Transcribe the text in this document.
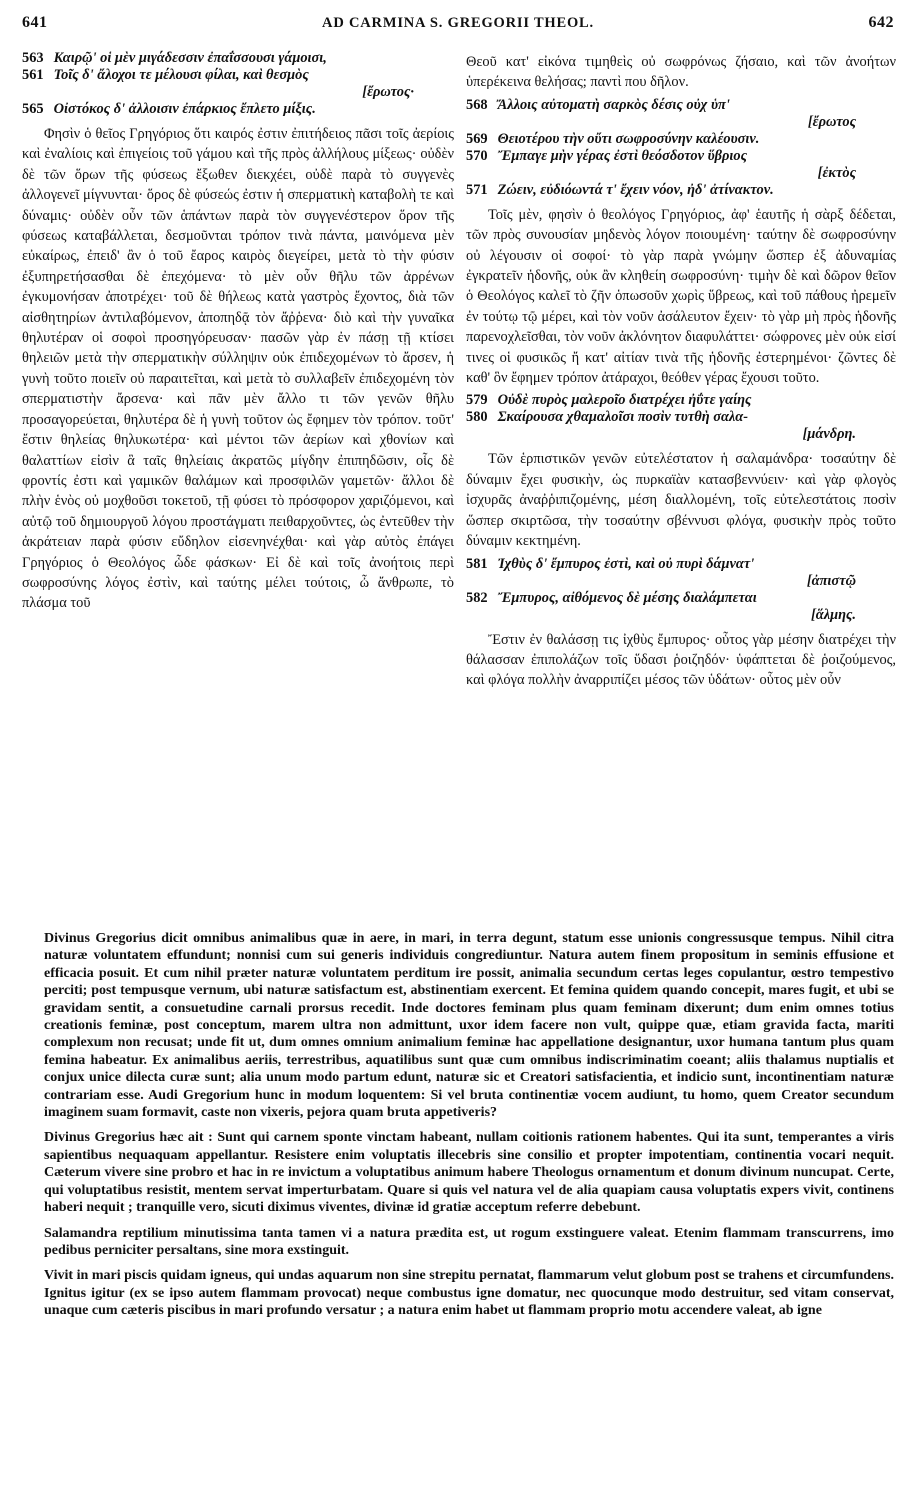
641	AD CARMINA S. GREGORII THEOL.	642
563 Καιρῷ' οἱ μὲν μιγάδεσσιν ἐπαΐσσουσι γάμοισι,
561 Τοῖς δ' ἄλοχοι τε μέλουσι φίλαι, καὶ θεσμὸς
[ἔρωτος·
565 Οἰστόκος δ' ἀλλοισιν ἐπάρκιος ἔπλετο μίξις.

Φησὶν ὁ θεῖος Γρηγόριος ὅτι καιρός ἐστιν ἐπιτήδειος πᾶσι τοῖς ἀερίοις καὶ ἐναλίοις καὶ ἐπιγείοις τοῦ γάμου καὶ τῆς πρὸς ἀλλήλους μίξεως· οὐδὲν δὲ τῶν ὅρων τῆς φύσεως ἔξωθεν διεκχέει, οὐδὲ παρὰ τὸ συγγενὲς ἀλλογενεῖ μίγνυνται· ὅρος δὲ φύσεώς ἐστιν ἡ σπερματικὴ καταβολὴ τε καὶ δύναμις· οὐδὲν οὖν τῶν ἁπάντων παρὰ τὸν συγγενέστερον ὅρον τῆς φύσεως καταβάλλεται, δεσμοῦνται τρόπον τινὰ πάντα, μαινόμενα μὲν εὐκαίρως, ἐπειδ' ἂν ὁ τοῦ ἔαρος καιρὸς διεγείρει, μετὰ τὸ τὴν φύσιν ἐξυπηρετήσασθαι δὲ ἐπεχόμενα· τὸ μὲν οὖν θῆλυ τῶν ἀρρένων ἐγκυμονήσαν ἀποτρέχει· τοῦ δὲ θήλεως κατὰ γαστρὸς ἔχοντος, διὰ τῶν αἰσθητηρίων ἀντιλαβόμενον, ἀποπηδᾷ τὸν ἄῤῥενα· διὸ καὶ τὴν γυναῖκα θηλυτέραν οἱ σοφοὶ προσηγόρευσαν· πασῶν γὰρ ἐν πάσῃ τῇ κτίσει θηλειῶν μετὰ τὴν σπερματικὴν σύλληψιν οὐκ ἐπιδεχομένων τὸ ἄρσεν, ἡ γυνὴ τοῦτο ποιεῖν οὐ παραιτεῖται, καὶ μετὰ τὸ συλλαβεῖν ἐπιδεχομένη τὸν σπερματιστὴν ἄρσενα· καὶ πᾶν μὲν ἄλλο τι τῶν γενῶν θῆλυ προσαγορεύεται, θηλυτέρα δὲ ἡ γυνὴ τοῦτον ὡς ἔφημεν τὸν τρόπον. τοῦτ' ἔστιν θηλείας θηλυκωτέρα· καὶ μέντοι τῶν ἀερίων καὶ χθονίων καὶ θαλαττίων εἰσὶν ἃ ταῖς θηλείαις ἀκρατῶς μίγδην ἐπιπηδῶσιν, οἷς δὲ φροντίς ἐστι καὶ γαμικῶν θαλάμων καὶ προσφιλῶν γαμετῶν· ἄλλοι δὲ πλὴν ἑνὸς οὐ μοχθοῦσι τοκετοῦ, τῇ φύσει τὸ πρόσφορον χαριζόμενοι, καὶ αὐτῷ τοῦ δημιουργοῦ λόγου προστάγματι πειθαρχοῦντες, ὡς ἐντεῦθεν τὴν ἀκράτειαν παρὰ φύσιν εὔδηλον εἰσενηνέχθαι· καὶ γὰρ αὐτὸς ἐπάγει Γρηγόριος ὁ Θεολόγος ὧδε φάσκων· Εἰ δὲ καὶ τοῖς ἀνοήτοις περὶ σωφροσύνης λόγος ἐστὶν, καὶ ταύτης μέλει τούτοις, ὦ ἄνθρωπε, τὸ πλάσμα τοῦ

Θεοῦ κατ' εἰκόνα τιμηθεὶς οὐ σωφρόνως ζήσαιο, καὶ τῶν ἀνοήτων ὑπερέκεινα θελήσας; παντὶ που δῆλον.

568 Ἄλλοις αὐτοματὴ σαρκὸς δέσις οὐχ ὑπ'
[ἔρωτος
569 Θειοτέρου τὴν οὔτι σωφροσύνην καλέουσιν.
570 Ἔμπαγε μὴν γέρας ἐστὶ θεόσδοτον ὕβριος
[ἐκτὸς
571 Ζώειν, εὐδιόωντά τ' ἔχειν νόον, ἠδ' ἀτίνακτον.

Τοῖς μὲν, φησὶν ὁ θεολόγος Γρηγόριος, ἀφ' ἑαυτῆς ἡ σὰρξ δέδεται, τῶν πρὸς συνουσίαν μηδενὸς λόγον ποιουμένη· ταύτην δὲ σωφροσύνην οὐ λέγουσιν οἱ σοφοί· τὸ γὰρ παρὰ γνώμην ὥσπερ ἐξ ἀδυναμίας ἐγκρατεῖν ἡδονῆς, οὐκ ἂν κληθείη σωφροσύνη· τιμὴν δὲ καὶ δῶρον θεῖον ὁ Θεολόγος καλεῖ τὸ ζῆν ὁπωσοῦν χωρὶς ὕβρεως, καὶ τοῦ πάθους ἠρεμεῖν ἐν τούτῳ τῷ μέρει, καὶ τὸν νοῦν ἀσάλευτον ἔχειν· τὸ γὰρ μὴ πρὸς ἡδονῆς παρενοχλεῖσθαι, τὸν νοῦν ἀκλόνητον διαφυλάττει· σώφρονες μὲν οὐκ εἰσί τινες οἱ φυσικῶς ἤ κατ' αἰτίαν τινὰ τῆς ἡδονῆς ἐστερημένοι· ζῶντες δὲ καθ' ὃν ἔφημεν τρόπον ἀτάραχοι, θεόθεν γέρας ἔχουσι τοῦτο.

579 Οὐδὲ πυρὸς μαλεροῖο διατρέχει ἠΰτε γαίης
580 Σκαίρουσα χθαμαλοῖσι ποσὶν τυτθὴ σαλα-
[μάνδρη.

Τῶν ἑρπιστικῶν γενῶν εὐτελέστατον ἡ σαλαμάνδρα· τοσαύτην δὲ δύναμιν ἔχει φυσικὴν, ὡς πυρκαϊὰν κατασβεννύειν· καὶ γὰρ φλογὸς ἰσχυρᾶς ἀναῤῥιπιζομένης, μέση διαλλομένη, τοῖς εὐτελεστάτοις ποσὶν ὥσπερ σκιρτῶσα, τὴν τοσαύτην σβέννυσι φλόγα, φυσικὴν πρὸς τοῦτο δύναμιν κεκτημένη.

581 Ἰχθὺς δ' ἔμπυρος ἐστὶ, καὶ οὐ πυρὶ δάμνατ'
[ἀπιστῷ
582 Ἔμπυρος, αἰθόμενος δὲ μέσης διαλάμπεται
[ἅλμης.

Ἔστιν ἐν θαλάσσῃ τις ἰχθὺς ἔμπυρος· οὗτος γὰρ μέσην διατρέχει τὴν θάλασσαν ἐπιπολάζων τοῖς ὕδασι ῥοιζηδόν· ὑφάπτεται δὲ ῥοιζούμενος, καὶ φλόγα πολλὴν ἀναρριπίζει μέσος τῶν ὑδάτων· οὗτος μὲν οὖν

Divinus Gregorius dicit omnibus animalibus quæ in aere, in mari, in terra degunt, statum esse unionis congressusque tempus. Nihil citra naturæ voluntatem effundunt; nonnisi cum sui generis individuis congrediuntur. Natura autem finem propositum in seminis effusione et efficacia posuit. Et cum nihil præter naturæ voluntatem perditum ire possit, animalia secundum certas leges copulantur, œstro tempestivo perciti; post tempusque vernum, ubi naturæ satisfactum est, abstinentiam exercent. Et femina quidem quando concepit, mares fugit, et ubi se gravidam sentit, a consuetudine carnali prorsus recedit. Inde doctores feminam plus quam feminam dixerunt; dum enim omnes totius creationis feminæ, post conceptum, marem ultra non admittunt, uxor idem facere non vult, quippe quæ, etiam gravida facta, mariti complexum non recusat; unde fit ut, dum omnes omnium animalium feminæ hac appellatione designantur, uxor humana tantum plus quam femina habeatur. Ex animalibus aeriis, terrestribus, aquatilibus sunt quæ cum omnibus indiscriminatim coeant; aliis thalamus nuptialis et conjux unice dilecta curæ sunt; alia unum modo partum edunt, naturæ sic et Creatori satisfacientia, et indicio sunt, incontinentiam naturæ contrariam esse. Audi Gregorium hunc in modum loquentem: Si vel bruta continentiæ vocem audiunt, tu homo, quem Creator secundum imaginem suam formavit, caste non vixeris, pejora quam bruta appetiveris?

Divinus Gregorius hæc ait : Sunt qui carnem sponte vinctam habeant, nullam coitionis rationem habentes. Qui ita sunt, temperantes a viris sapientibus nequaquam appellantur. Resistere enim voluptatis illecebris sine consilio et propter impotentiam, continentia vocari nequit. Cæterum vivere sine probro et hac in re invictum a voluptatibus animum habere Theologus ornamentum et donum divinum nuncupat. Certe, qui voluptatibus resistit, mentem servat imperturbatam. Quare si quis vel natura vel de alia quapiam causa voluptatis expers vivit, continens haberi nequit ; tranquille vero, sicuti diximus viventes, divinæ id gratiæ acceptum referre debebunt.

Salamandra reptilium minutissima tanta tamen vi a natura prædita est, ut rogum exstinguere valeat. Etenim flammam transcurrens, imo pedibus perniciter persaltans, sine mora exstinguit.

Vivit in mari piscis quidam igneus, qui undas aquarum non sine strepitu pernatat, flammarum velut globum post se trahens et circumfundens. Ignitus igitur (ex se ipso autem flammam provocat) neque combustus igne domatur, nec quocunque modo destruitur, sed vitam conservat, unaque cum cæteris piscibus in mari profundo versatur ; a natura enim habet ut flammam proprio motu accendere valeat, ab igne
